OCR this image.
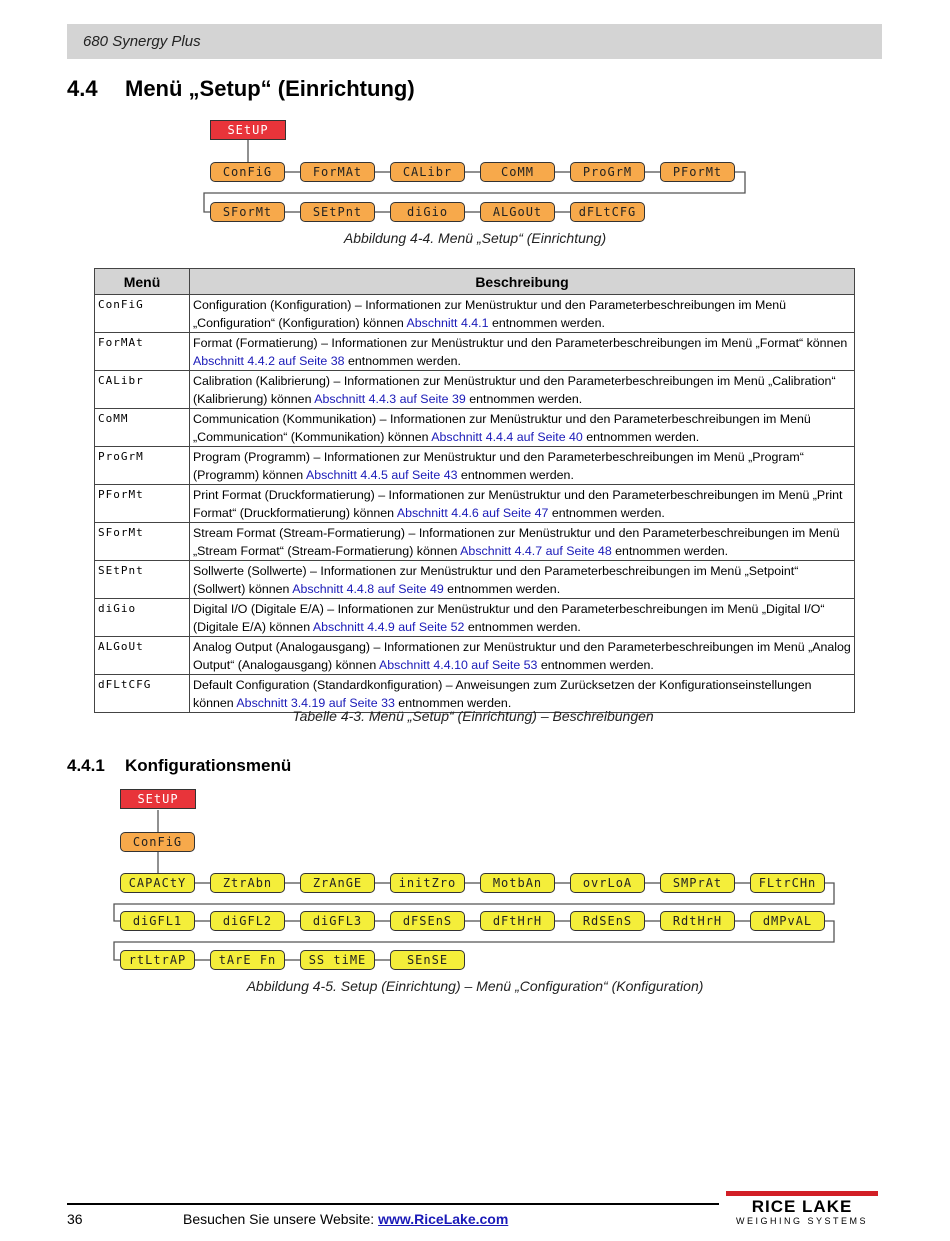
680 Synergy Plus
4.4 Menü „Setup“ (Einrichtung)
SEtUP
ConFiG	ForMAt	CALibr	CoMM	ProGrM	PForMt
SForMt	SEtPnt	diGio	ALGoUt	dFLtCFG
Abbildung 4-4. Menü „Setup“ (Einrichtung)
Menü	Beschreibung
ConFiG	Configuration (Konfiguration) – Informationen zur Menüstruktur und den Parameterbeschreibungen im Menü „Configuration“ (Konfiguration) können Abschnitt 4.4.1 entnommen werden.
ForMAt	Format (Formatierung) – Informationen zur Menüstruktur und den Parameterbeschreibungen im Menü „Format“ können Abschnitt 4.4.2 auf Seite 38 entnommen werden.
CALibr	Calibration (Kalibrierung) – Informationen zur Menüstruktur und den Parameterbeschreibungen im Menü „Calibration“ (Kalibrierung) können Abschnitt 4.4.3 auf Seite 39 entnommen werden.
CoMM	Communication (Kommunikation) – Informationen zur Menüstruktur und den Parameterbeschreibungen im Menü „Communication“ (Kommunikation) können Abschnitt 4.4.4 auf Seite 40 entnommen werden.
ProGrM	Program (Programm) – Informationen zur Menüstruktur und den Parameterbeschreibungen im Menü „Program“ (Programm) können Abschnitt 4.4.5 auf Seite 43 entnommen werden.
PForMt	Print Format (Druckformatierung) – Informationen zur Menüstruktur und den Parameterbeschreibungen im Menü „Print Format“ (Druckformatierung) können Abschnitt 4.4.6 auf Seite 47 entnommen werden.
SForMt	Stream Format (Stream-Formatierung) – Informationen zur Menüstruktur und den Parameterbeschreibungen im Menü „Stream Format“ (Stream-Formatierung) können Abschnitt 4.4.7 auf Seite 48 entnommen werden.
SEtPnt	Sollwerte (Sollwerte) – Informationen zur Menüstruktur und den Parameterbeschreibungen im Menü „Setpoint“ (Sollwert) können Abschnitt 4.4.8 auf Seite 49 entnommen werden.
diGio	Digital I/O (Digitale E/A) – Informationen zur Menüstruktur und den Parameterbeschreibungen im Menü „Digital I/O“ (Digitale E/A) können Abschnitt 4.4.9 auf Seite 52 entnommen werden.
ALGoUt	Analog Output (Analogausgang) – Informationen zur Menüstruktur und den Parameterbeschreibungen im Menü „Analog Output“ (Analogausgang) können Abschnitt 4.4.10 auf Seite 53 entnommen werden.
dFLtCFG	Default Configuration (Standardkonfiguration) – Anweisungen zum Zurücksetzen der Konfigurationseinstellungen können Abschnitt 3.4.19 auf Seite 33 entnommen werden.
Tabelle 4-3. Menü „Setup“ (Einrichtung) – Beschreibungen
4.4.1 Konfigurationsmenü
SEtUP
ConFiG
CAPACtY	ZtrAbn	ZrAnGE	initZro	MotbAn	ovrLoA	SMPrAt	FLtrCHn
diGFL1	diGFL2	diGFL3	dFSEnS	dFtHrH	RdSEnS	RdtHrH	dMPvAL
rtLtrAP	tArE Fn	SS tiME	SEnSE
Abbildung 4-5. Setup (Einrichtung) – Menü „Configuration“ (Konfiguration)
36	Besuchen Sie unsere Website: www.RiceLake.com
RICE LAKE
WEIGHING SYSTEMS
